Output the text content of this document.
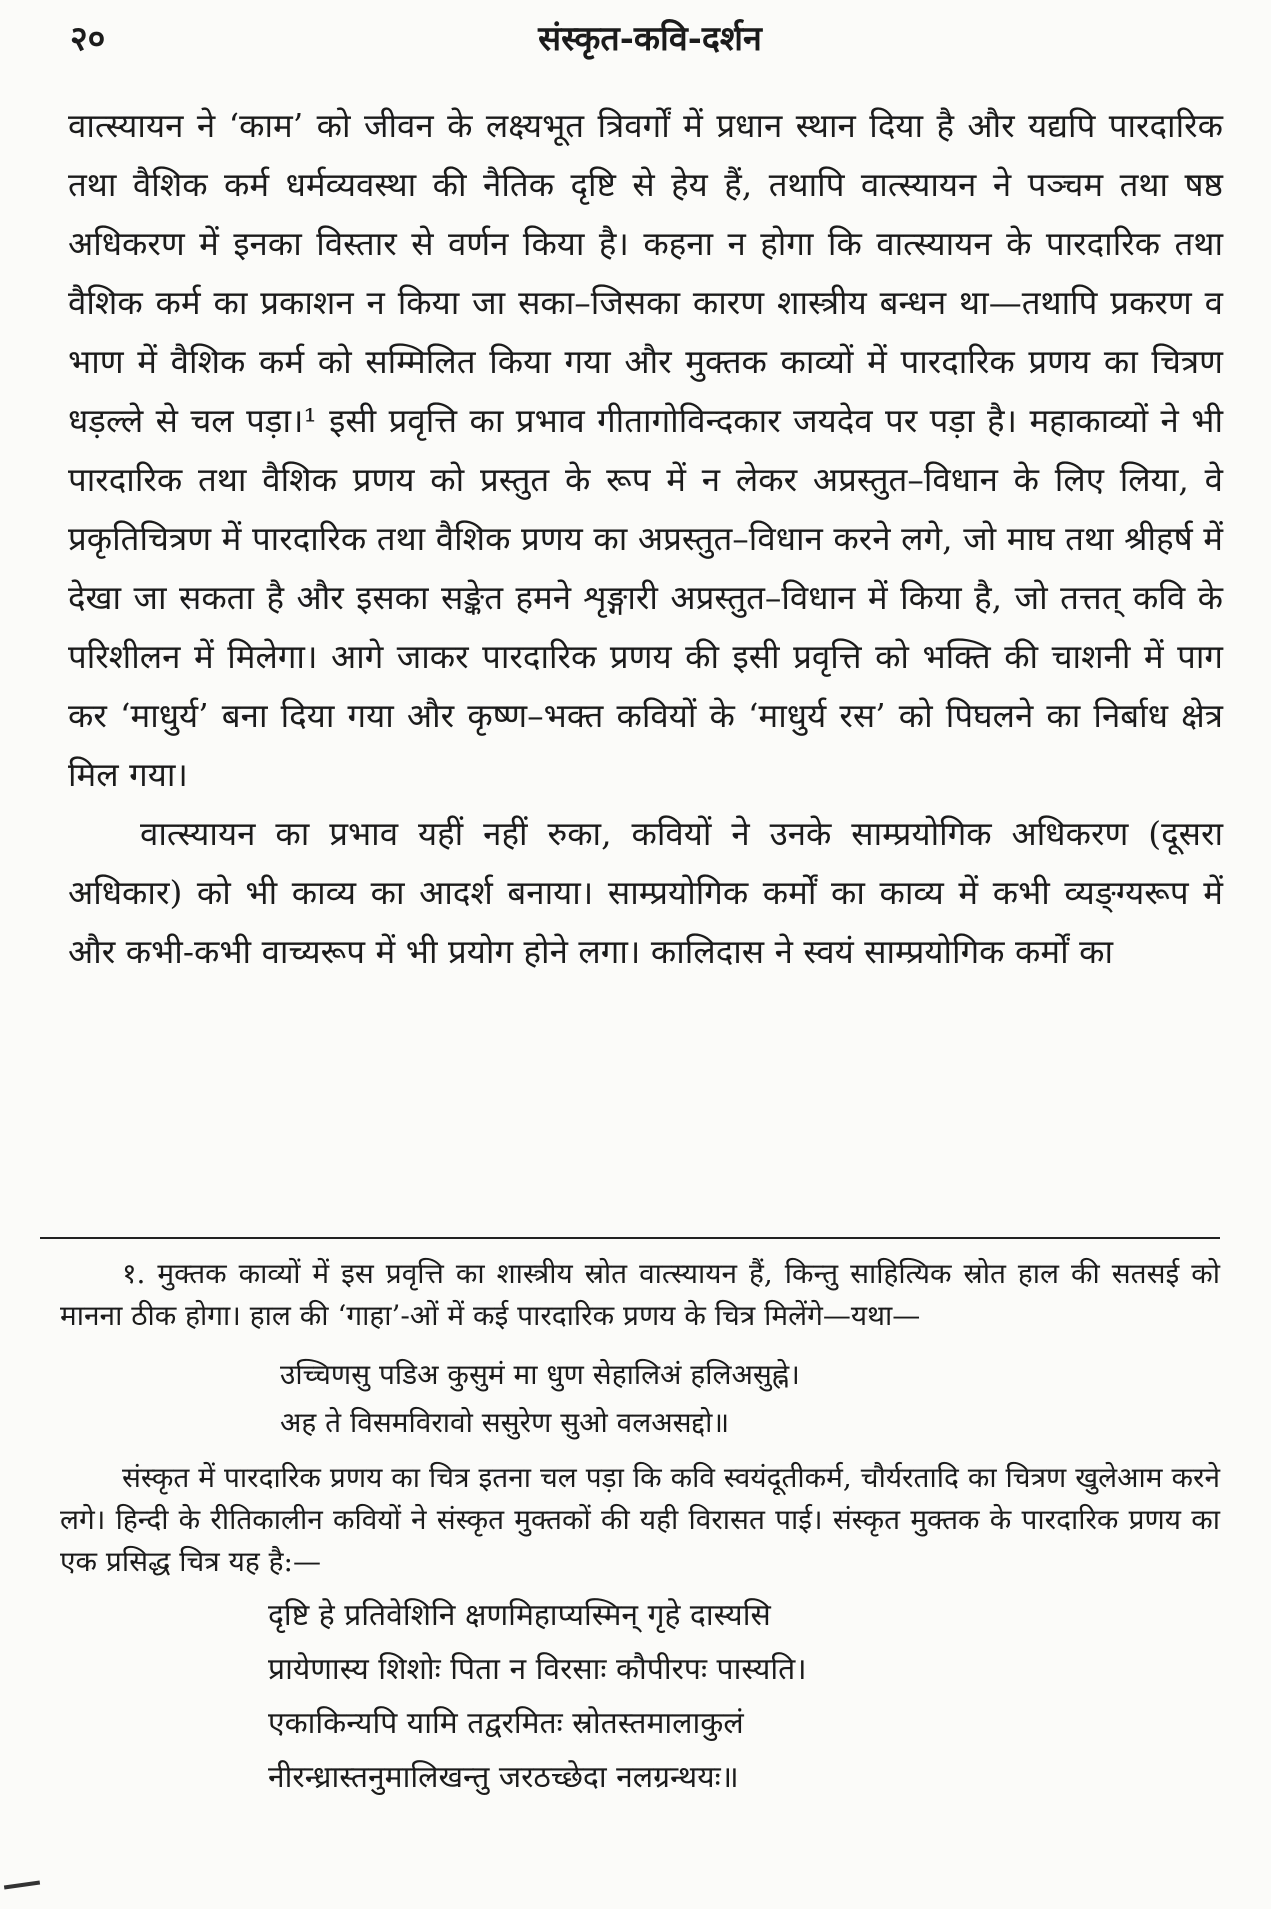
२०	संस्कृत-कवि-दर्शन

वात्स्यायन ने ‘काम’ को जीवन के लक्ष्यभूत त्रिवर्गों में प्रधान स्थान दिया है और यद्यपि पारदारिक तथा वैशिक कर्म धर्मव्यवस्था की नैतिक दृष्टि से हेय हैं, तथापि वात्स्यायन ने पञ्चम तथा षष्ठ अधिकरण में इनका विस्तार से वर्णन किया है। कहना न होगा कि वात्स्यायन के पारदारिक तथा वैशिक कर्म का प्रकाशन न किया जा सका–जिसका कारण शास्त्रीय बन्धन था—तथापि प्रकरण व भाण में वैशिक कर्म को सम्मिलित किया गया और मुक्तक काव्यों में पारदारिक प्रणय का चित्रण धड़ल्ले से चल पड़ा।¹ इसी प्रवृत्ति का प्रभाव गीतागोविन्दकार जयदेव पर पड़ा है। महाकाव्यों ने भी पारदारिक तथा वैशिक प्रणय को प्रस्तुत के रूप में न लेकर अप्रस्तुत–विधान के लिए लिया, वे प्रकृतिचित्रण में पारदारिक तथा वैशिक प्रणय का अप्रस्तुत–विधान करने लगे, जो माघ तथा श्रीहर्ष में देखा जा सकता है और इसका सङ्केत हमने शृङ्गारी अप्रस्तुत–विधान में किया है, जो तत्तत् कवि के परिशीलन में मिलेगा। आगे जाकर पारदारिक प्रणय की इसी प्रवृत्ति को भक्ति की चाशनी में पाग कर ‘माधुर्य’ बना दिया गया और कृष्ण–भक्त कवियों के ‘माधुर्य रस’ को पिघलने का निर्बाध क्षेत्र मिल गया।

वात्स्यायन का प्रभाव यहीं नहीं रुका, कवियों ने उनके साम्प्रयोगिक अधिकरण (दूसरा अधिकार) को भी काव्य का आदर्श बनाया। साम्प्रयोगिक कर्मों का काव्य में कभी व्यङ्ग्यरूप में और कभी-कभी वाच्यरूप में भी प्रयोग होने लगा। कालिदास ने स्वयं साम्प्रयोगिक कर्मों का

१. मुक्तक काव्यों में इस प्रवृत्ति का शास्त्रीय स्रोत वात्स्यायन हैं, किन्तु साहित्यिक स्रोत हाल की सतसई को मानना ठीक होगा। हाल की ‘गाहा’-ओं में कई पारदारिक प्रणय के चित्र मिलेंगे—यथा—

उच्चिणसु पडिअ कुसुमं मा धुण सेहालिअं हलिअसुह्ने।
अह ते विसमविरावो ससुरेण सुओ वलअसद्दो॥

संस्कृत में पारदारिक प्रणय का चित्र इतना चल पड़ा कि कवि स्वयंदूतीकर्म, चौर्यरतादि का चित्रण खुलेआम करने लगे। हिन्दी के रीतिकालीन कवियों ने संस्कृत मुक्तकों की यही विरासत पाई। संस्कृत मुक्तक के पारदारिक प्रणय का एक प्रसिद्ध चित्र यह है:—

दृष्टि हे प्रतिवेशिनि क्षणमिहाप्यस्मिन् गृहे दास्यसि
प्रायेणास्य शिशोः पिता न विरसाः कौपीरपः पास्यति।
एकाकिन्यपि यामि तद्वरमितः स्रोतस्तमालाकुलं
नीरन्ध्रास्तनुमालिखन्तु जरठच्छेदा नलग्रन्थयः॥
